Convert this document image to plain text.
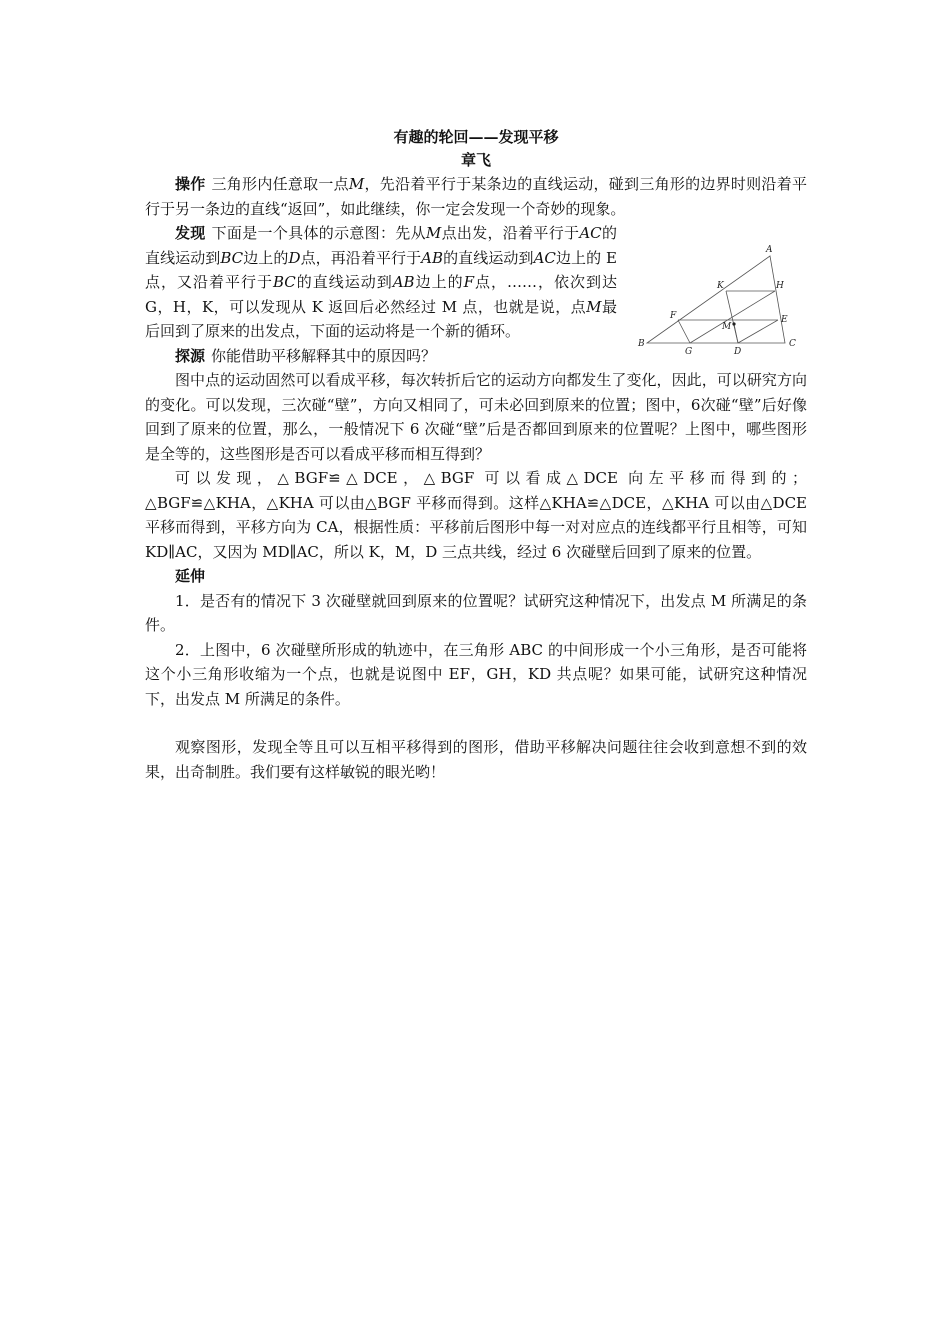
有趣的轮回——发现平移
章飞

操作 三角形内任意取一点M，先沿着平行于某条边的直线运动，碰到三角形的边界时则沿着平行于另一条边的直线“返回”，如此继续，你一定会发现一个奇妙的现象。

发现 下面是一个具体的示意图：先从M点出发，沿着平行于AC的直线运动到BC边上的D点，再沿着平行于AB的直线运动到AC边上的 E 点，又沿着平行于BC的直线运动到AB边上的F点，……，依次到达 G，H，K，可以发现从 K 返回后必然经过 M 点，也就是说，点M最后回到了原来的出发点，下面的运动将是一个新的循环。

A
B	C
D
E
F
G
H
K
M

探源 你能借助平移解释其中的原因吗？

图中点的运动固然可以看成平移，每次转折后它的运动方向都发生了变化，因此，可以研究方向的变化。可以发现，三次碰“壁”，方向又相同了，可未必回到原来的位置；图中，6次碰“壁”后好像回到了原来的位置，那么，一般情况下 6 次碰“壁”后是否都回到原来的位置呢？上图中，哪些图形是全等的，这些图形是否可以看成平移而相互得到？

可以发现，△BGF≌△DCE，△BGF 可以看成△DCE 向左平移而得到的；

△BGF≌△KHA，△KHA 可以由△BGF 平移而得到。这样△KHA≌△DCE，△KHA 可以由△DCE 平移而得到，平移方向为 CA，根据性质：平移前后图形中每一对对应点的连线都平行且相等，可知 KD∥AC，又因为 MD∥AC，所以 K，M，D 三点共线，经过 6 次碰壁后回到了原来的位置。

延伸

1．是否有的情况下 3 次碰壁就回到原来的位置呢？试研究这种情况下，出发点 M 所满足的条件。

2．上图中，6 次碰壁所形成的轨迹中，在三角形 ABC 的中间形成一个小三角形，是否可能将这个小三角形收缩为一个点，也就是说图中 EF，GH，KD 共点呢？如果可能，试研究这种情况下，出发点 M 所满足的条件。

观察图形，发现全等且可以互相平移得到的图形，借助平移解决问题往往会收到意想不到的效果，出奇制胜。我们要有这样敏锐的眼光哟！
